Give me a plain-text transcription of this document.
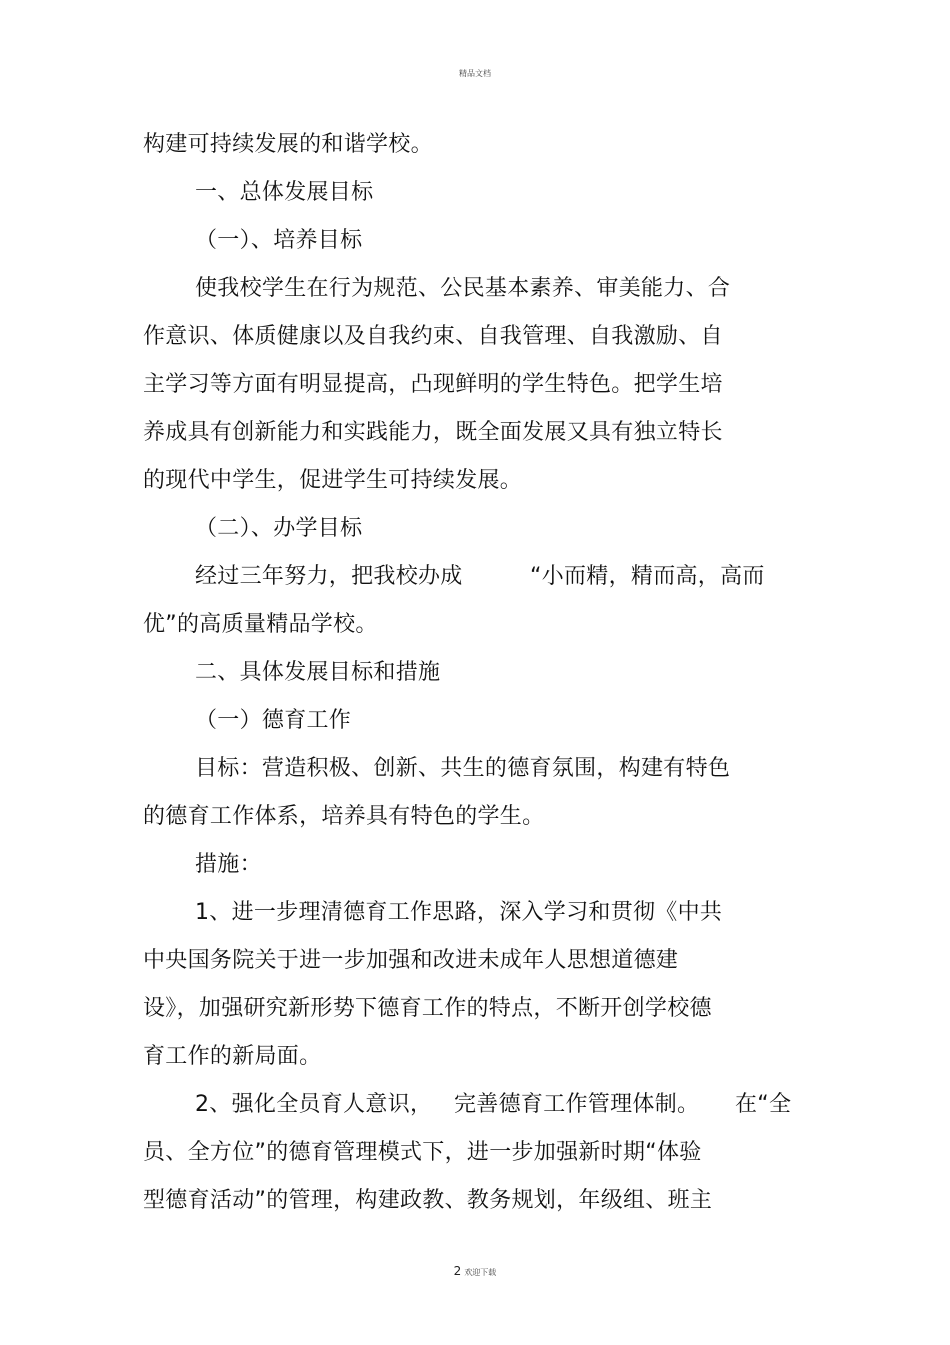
精品文档
构建可持续发展的和谐学校。
一、总体发展目标
（一）、培养目标
使我校学生在行为规范、公民基本素养、审美能力、合
作意识、体质健康以及自我约束、自我管理、自我激励、自
主学习等方面有明显提高，凸现鲜明的学生特色。把学生培
养成具有创新能力和实践能力，既全面发展又具有独立特长
的现代中学生，促进学生可持续发展。
（二）、办学目标
经过三年努力，把我校办成	“小而精，精而高，高而
优”的高质量精品学校。
二、具体发展目标和措施
（一）德育工作
目标：营造积极、创新、共生的德育氛围，构建有特色
的德育工作体系，培养具有特色的学生。
措施：
1、进一步理清德育工作思路，深入学习和贯彻《中共
中央国务院关于进一步加强和改进未成年人思想道德建
设》，加强研究新形势下德育工作的特点，不断开创学校德
育工作的新局面。
2、强化全员育人意识， 完善德育工作管理体制。 在“全
员、全方位”的德育管理模式下，进一步加强新时期“体验
型德育活动”的管理，构建政教、教务规划，年级组、班主
2 欢迎下载
